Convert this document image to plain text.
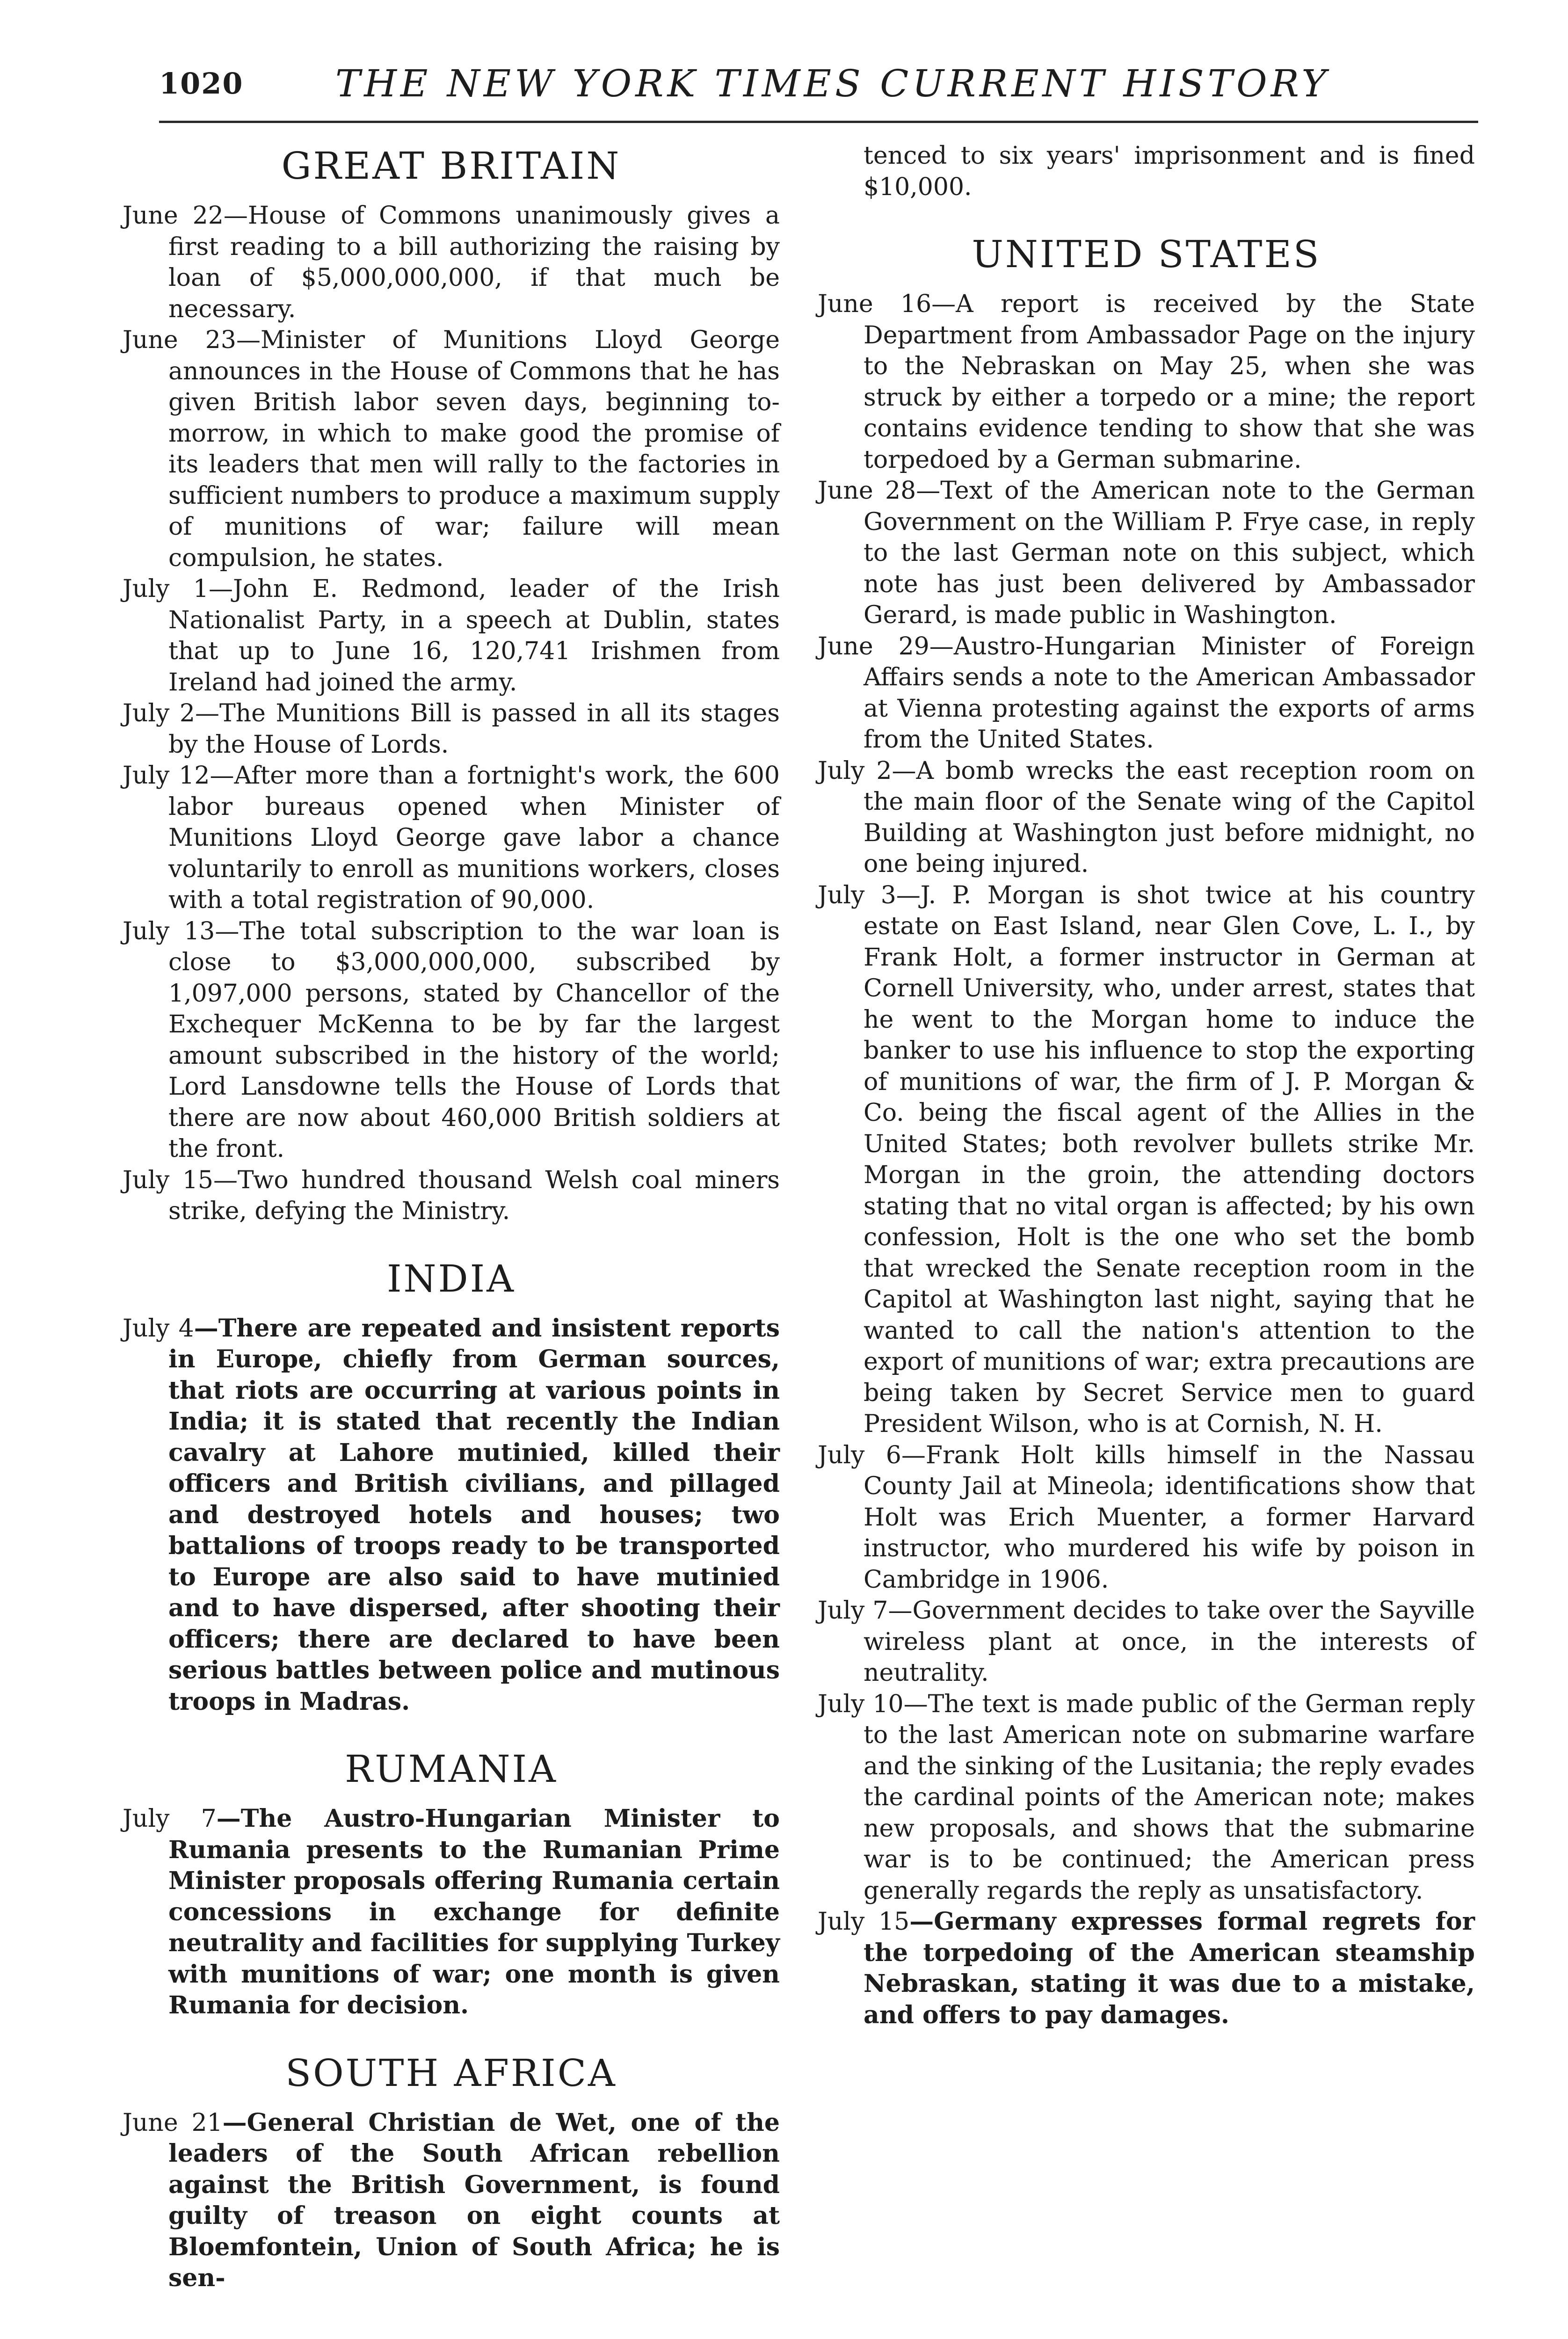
1020	THE NEW YORK TIMES CURRENT HISTORY
GREAT BRITAIN

June 22—House of Commons unanimously gives a first reading to a bill authorizing the raising by loan of $5,000,000,000, if that much be necessary.

June 23—Minister of Munitions Lloyd George announces in the House of Commons that he has given British labor seven days, beginning to-morrow, in which to make good the promise of its leaders that men will rally to the factories in sufficient numbers to produce a maximum supply of munitions of war; failure will mean compulsion, he states.

July 1—John E. Redmond, leader of the Irish Nationalist Party, in a speech at Dublin, states that up to June 16, 120,741 Irishmen from Ireland had joined the army.

July 2—The Munitions Bill is passed in all its stages by the House of Lords.

July 12—After more than a fortnight's work, the 600 labor bureaus opened when Minister of Munitions Lloyd George gave labor a chance voluntarily to enroll as munitions workers, closes with a total registration of 90,000.

July 13—The total subscription to the war loan is close to $3,000,000,000, subscribed by 1,097,000 persons, stated by Chancellor of the Exchequer McKenna to be by far the largest amount subscribed in the history of the world; Lord Lansdowne tells the House of Lords that there are now about 460,000 British soldiers at the front.

July 15—Two hundred thousand Welsh coal miners strike, defying the Ministry.

INDIA

July 4—There are repeated and insistent reports in Europe, chiefly from German sources, that riots are occurring at various points in India; it is stated that recently the Indian cavalry at Lahore mutinied, killed their officers and British civilians, and pillaged and destroyed hotels and houses; two battalions of troops ready to be transported to Europe are also said to have mutinied and to have dispersed, after shooting their officers; there are declared to have been serious battles between police and mutinous troops in Madras.

RUMANIA

July 7—The Austro-Hungarian Minister to Rumania presents to the Rumanian Prime Minister proposals offering Rumania certain concessions in exchange for definite neutrality and facilities for supplying Turkey with munitions of war; one month is given Rumania for decision.

SOUTH AFRICA

June 21—General Christian de Wet, one of the leaders of the South African rebellion against the British Government, is found guilty of treason on eight counts at Bloemfontein, Union of South Africa; he is sen-

tenced to six years' imprisonment and is fined $10,000.

UNITED STATES

June 16—A report is received by the State Department from Ambassador Page on the injury to the Nebraskan on May 25, when she was struck by either a torpedo or a mine; the report contains evidence tending to show that she was torpedoed by a German submarine.

June 28—Text of the American note to the German Government on the William P. Frye case, in reply to the last German note on this subject, which note has just been delivered by Ambassador Gerard, is made public in Washington.

June 29—Austro-Hungarian Minister of Foreign Affairs sends a note to the American Ambassador at Vienna protesting against the exports of arms from the United States.

July 2—A bomb wrecks the east reception room on the main floor of the Senate wing of the Capitol Building at Washington just before midnight, no one being injured.

July 3—J. P. Morgan is shot twice at his country estate on East Island, near Glen Cove, L. I., by Frank Holt, a former instructor in German at Cornell University, who, under arrest, states that he went to the Morgan home to induce the banker to use his influence to stop the exporting of munitions of war, the firm of J. P. Morgan & Co. being the fiscal agent of the Allies in the United States; both revolver bullets strike Mr. Morgan in the groin, the attending doctors stating that no vital organ is affected; by his own confession, Holt is the one who set the bomb that wrecked the Senate reception room in the Capitol at Washington last night, saying that he wanted to call the nation's attention to the export of munitions of war; extra precautions are being taken by Secret Service men to guard President Wilson, who is at Cornish, N. H.

July 6—Frank Holt kills himself in the Nassau County Jail at Mineola; identifications show that Holt was Erich Muenter, a former Harvard instructor, who murdered his wife by poison in Cambridge in 1906.

July 7—Government decides to take over the Sayville wireless plant at once, in the interests of neutrality.

July 10—The text is made public of the German reply to the last American note on submarine warfare and the sinking of the Lusitania; the reply evades the cardinal points of the American note; makes new proposals, and shows that the submarine war is to be continued; the American press generally regards the reply as unsatisfactory.

July 15—Germany expresses formal regrets for the torpedoing of the American steamship Nebraskan, stating it was due to a mistake, and offers to pay damages.
